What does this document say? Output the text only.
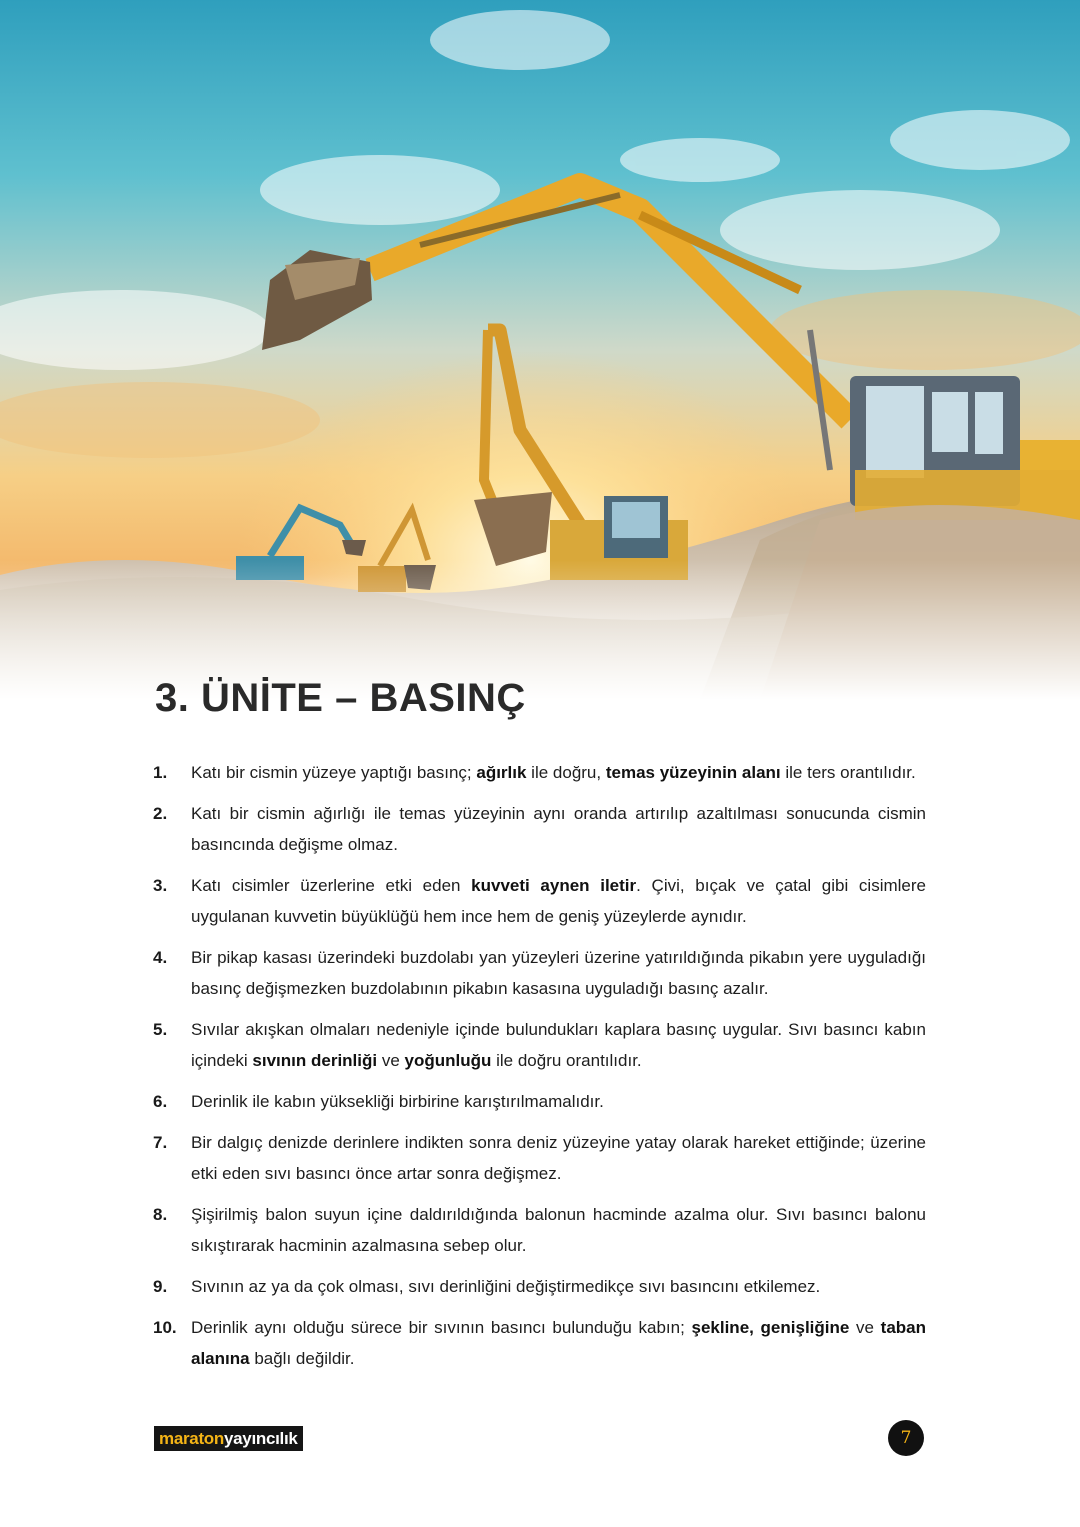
3. ÜNİTE – BASINÇ
1. Katı bir cismin yüzeye yaptığı basınç; ağırlık ile doğru, temas yüzeyinin alanı ile ters orantılıdır.
2. Katı bir cismin ağırlığı ile temas yüzeyinin aynı oranda artırılıp azaltılması sonucunda cismin basıncında değişme olmaz.
3. Katı cisimler üzerlerine etki eden kuvveti aynen iletir. Çivi, bıçak ve çatal gibi cisimlere uygulanan kuvvetin büyüklüğü hem ince hem de geniş yüzeylerde aynıdır.
4. Bir pikap kasası üzerindeki buzdolabı yan yüzeyleri üzerine yatırıldığında pikabın yere uyguladığı basınç değişmezken buzdolabının pikabın kasasına uyguladığı basınç azalır.
5. Sıvılar akışkan olmaları nedeniyle içinde bulundukları kaplara basınç uygular. Sıvı basıncı kabın içindeki sıvının derinliği ve yoğunluğu ile doğru orantılıdır.
6. Derinlik ile kabın yüksekliği birbirine karıştırılmamalıdır.
7. Bir dalgıç denizde derinlere indikten sonra deniz yüzeyine yatay olarak hareket ettiğinde; üzerine etki eden sıvı basıncı önce artar sonra değişmez.
8. Şişirilmiş balon suyun içine daldırıldığında balonun hacminde azalma olur. Sıvı basıncı balonu sıkıştırarak hacminin azalmasına sebep olur.
9. Sıvının az ya da çok olması, sıvı derinliğini değiştirmedikçe sıvı basıncını etkilemez.
10. Derinlik aynı olduğu sürece bir sıvının basıncı bulunduğu kabın; şekline, genişliğine ve taban alanına bağlı değildir.
maratonyayıncılık	7
